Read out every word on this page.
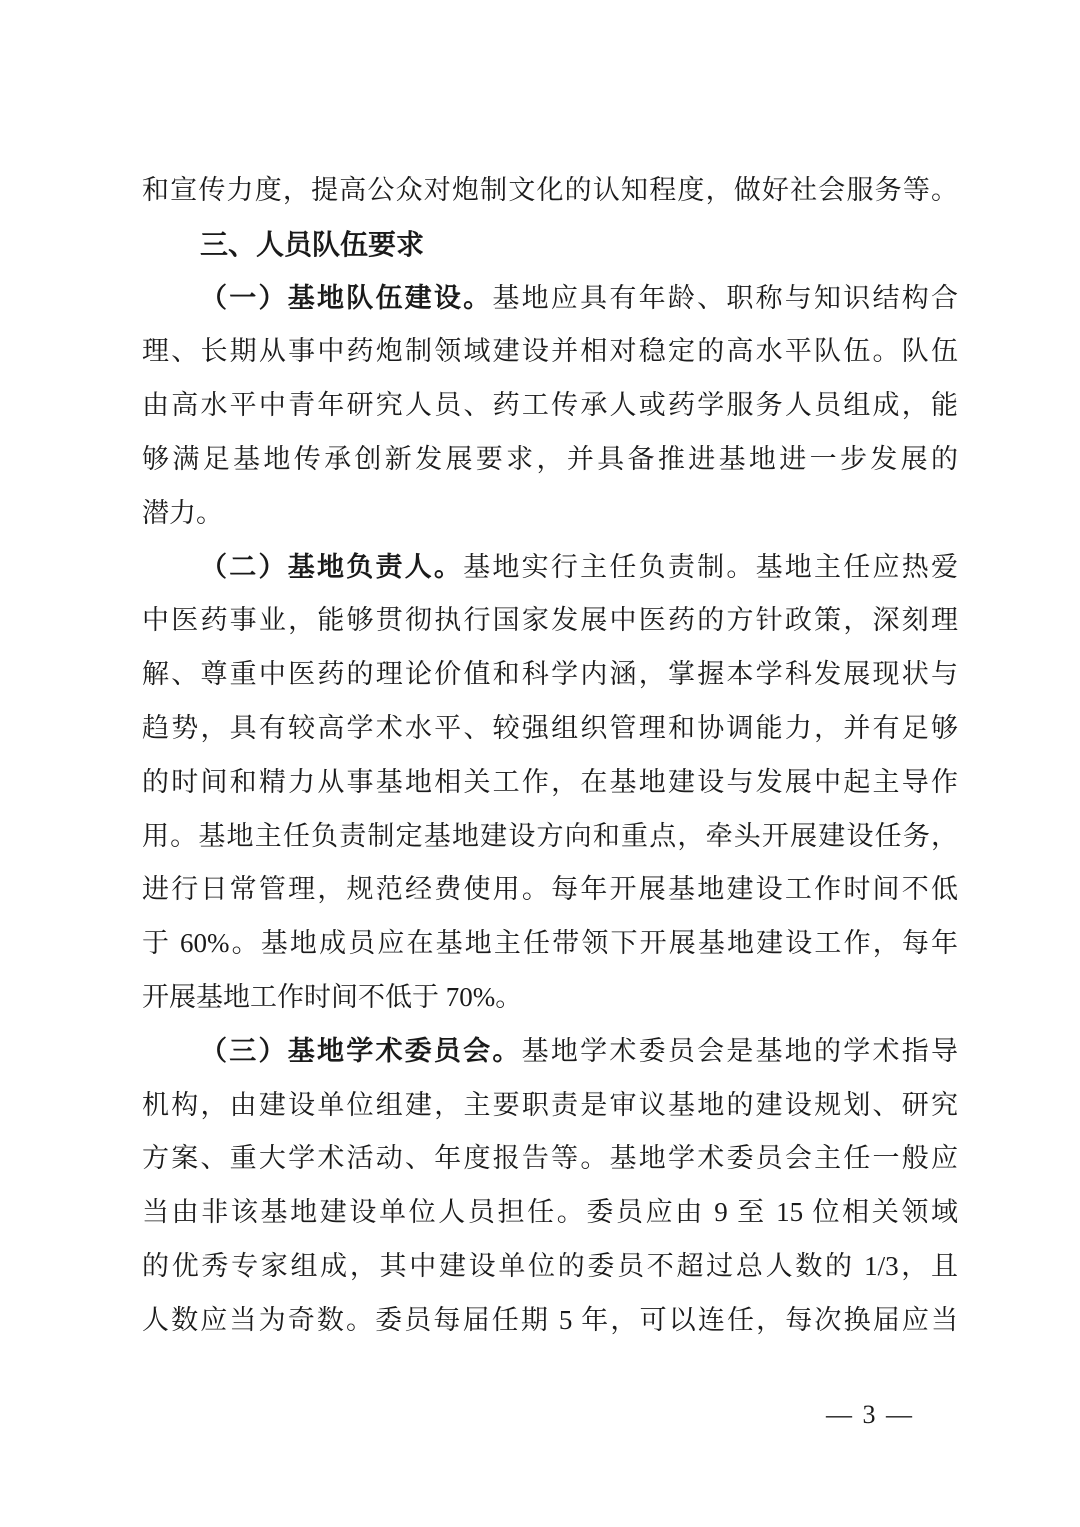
和宣传力度，提高公众对炮制文化的认知程度，做好社会服务等。
三、人员队伍要求
（一）基地队伍建设。基地应具有年龄、职称与知识结构合
理、长期从事中药炮制领域建设并相对稳定的高水平队伍。队伍
由高水平中青年研究人员、药工传承人或药学服务人员组成，能
够满足基地传承创新发展要求，并具备推进基地进一步发展的
潜力。
（二）基地负责人。基地实行主任负责制。基地主任应热爱
中医药事业，能够贯彻执行国家发展中医药的方针政策，深刻理
解、尊重中医药的理论价值和科学内涵，掌握本学科发展现状与
趋势，具有较高学术水平、较强组织管理和协调能力，并有足够
的时间和精力从事基地相关工作，在基地建设与发展中起主导作
用。基地主任负责制定基地建设方向和重点，牵头开展建设任务，
进行日常管理，规范经费使用。每年开展基地建设工作时间不低
于 60%。基地成员应在基地主任带领下开展基地建设工作，每年
开展基地工作时间不低于 70%。
（三）基地学术委员会。基地学术委员会是基地的学术指导
机构，由建设单位组建，主要职责是审议基地的建设规划、研究
方案、重大学术活动、年度报告等。基地学术委员会主任一般应
当由非该基地建设单位人员担任。委员应由 9 至 15 位相关领域
的优秀专家组成，其中建设单位的委员不超过总人数的 1/3，且
人数应当为奇数。委员每届任期 5 年，可以连任，每次换届应当
— 3 —
